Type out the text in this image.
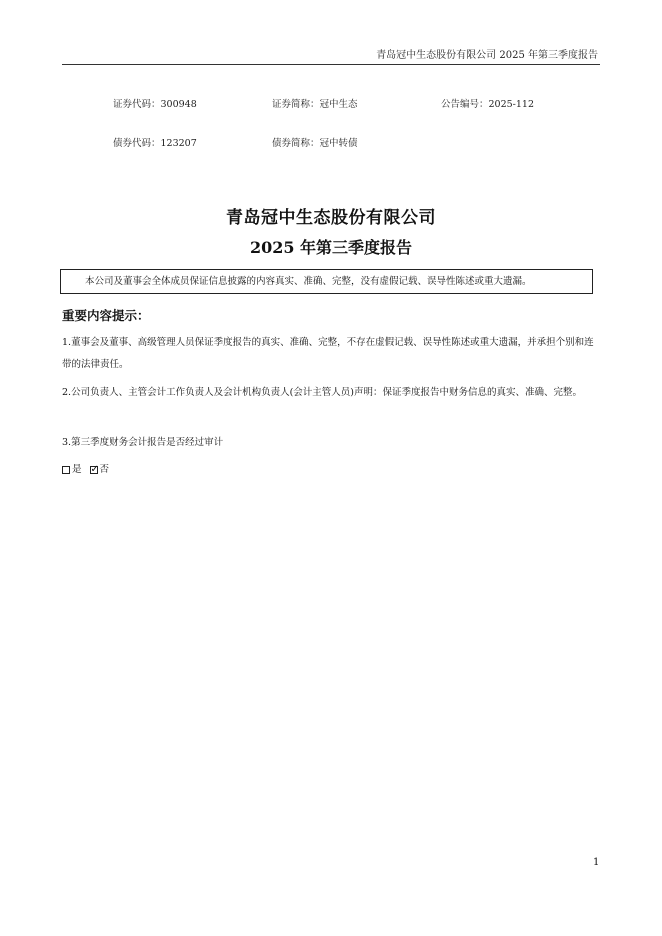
青岛冠中生态股份有限公司 2025 年第三季度报告
证券代码：300948	证券简称：冠中生态	公告编号：2025-112
债券代码：123207	债券简称：冠中转债
青岛冠中生态股份有限公司
2025 年第三季度报告
本公司及董事会全体成员保证信息披露的内容真实、准确、完整，没有虚假记载、误导性陈述或重大遗漏。
重要内容提示：
1.董事会及董事、高级管理人员保证季度报告的真实、准确、完整，不存在虚假记载、误导性陈述或重大遗漏，并承担个别和连带的法律责任。
2.公司负责人、主管会计工作负责人及会计机构负责人(会计主管人员)声明：保证季度报告中财务信息的真实、准确、完整。
3.第三季度财务会计报告是否经过审计
是
✓ 否
1
